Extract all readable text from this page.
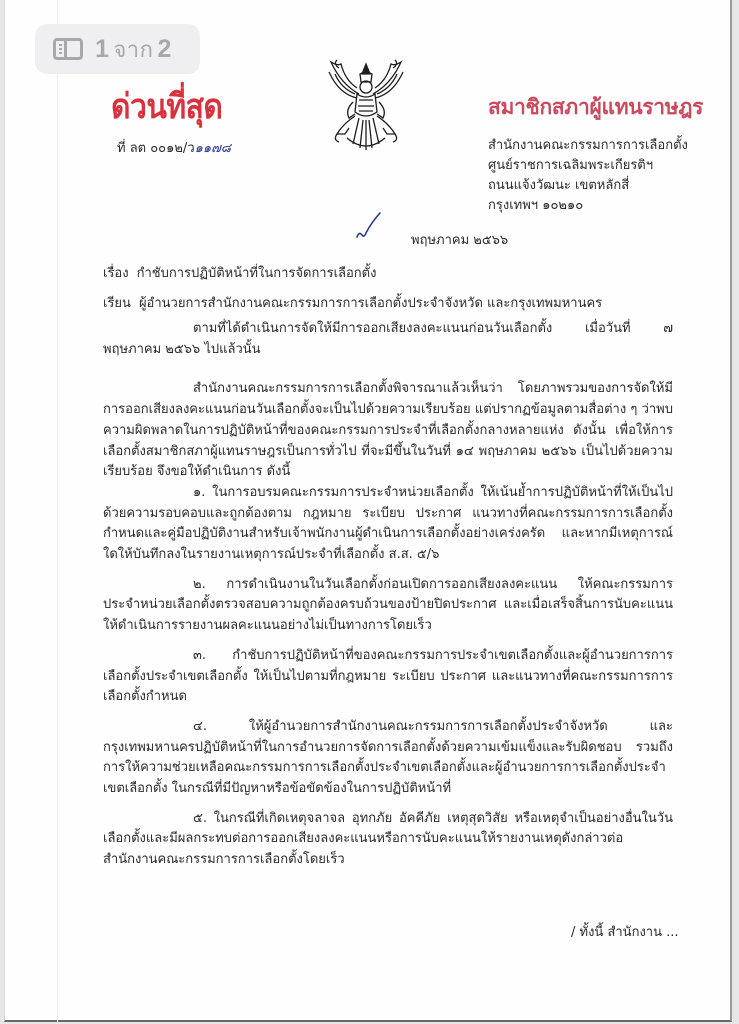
ด่วนที่สุด
ที่ ลต ๐๐๑๒/ว๑๑๗๘
สมาชิกสภาผู้แทนราษฎร
สำนักงานคณะกรรมการการเลือกตั้ง
ศูนย์ราชการเฉลิมพระเกียรติฯ
ถนนแจ้งวัฒนะ เขตหลักสี่
กรุงเทพฯ ๑๐๒๑๐
พฤษภาคม ๒๕๖๖
เรื่อง กำชับการปฏิบัติหน้าที่ในการจัดการเลือกตั้ง
เรียน ผู้อำนวยการสำนักงานคณะกรรมการการเลือกตั้งประจำจังหวัด และกรุงเทพมหานคร

ตามที่ได้ดำเนินการจัดให้มีการออกเสียงลงคะแนนก่อนวันเลือกตั้ง เมื่อวันที่ ๗ พฤษภาคม ๒๕๖๖ ไปแล้วนั้น

สำนักงานคณะกรรมการการเลือกตั้งพิจารณาแล้วเห็นว่า โดยภาพรวมของการจัดให้มีการออกเสียงลงคะแนนก่อนวันเลือกตั้งจะเป็นไปด้วยความเรียบร้อย แต่ปรากฏข้อมูลตามสื่อต่าง ๆ ว่าพบความผิดพลาดในการปฏิบัติหน้าที่ของคณะกรรมการประจำที่เลือกตั้งกลางหลายแห่ง ดังนั้น เพื่อให้การเลือกตั้งสมาชิกสภาผู้แทนราษฎรเป็นการทั่วไป ที่จะมีขึ้นในวันที่ ๑๔ พฤษภาคม ๒๕๖๖ เป็นไปด้วยความเรียบร้อย จึงขอให้ดำเนินการ ดังนี้

๑. ในการอบรมคณะกรรมการประจำหน่วยเลือกตั้ง ให้เน้นย้ำการปฏิบัติหน้าที่ให้เป็นไปด้วยความรอบคอบและถูกต้องตาม กฎหมาย ระเบียบ ประกาศ แนวทางที่คณะกรรมการการเลือกตั้งกำหนดและคู่มือปฏิบัติงานสำหรับเจ้าพนักงานผู้ดำเนินการเลือกตั้งอย่างเคร่งครัด และหากมีเหตุการณ์ใดให้บันทึกลงในรายงานเหตุการณ์ประจำที่เลือกตั้ง ส.ส. ๕/๖

๒. การดำเนินงานในวันเลือกตั้งก่อนเปิดการออกเสียงลงคะแนน ให้คณะกรรมการประจำหน่วยเลือกตั้งตรวจสอบความถูกต้องครบถ้วนของป้ายปิดประกาศ และเมื่อเสร็จสิ้นการนับคะแนนให้ดำเนินการรายงานผลคะแนนอย่างไม่เป็นทางการโดยเร็ว

๓. กำชับการปฏิบัติหน้าที่ของคณะกรรมการประจำเขตเลือกตั้งและผู้อำนวยการการเลือกตั้งประจำเขตเลือกตั้ง ให้เป็นไปตามที่กฎหมาย ระเบียบ ประกาศ และแนวทางที่คณะกรรมการการเลือกตั้งกำหนด

๔. ให้ผู้อำนวยการสำนักงานคณะกรรมการการเลือกตั้งประจำจังหวัด และกรุงเทพมหานครปฏิบัติหน้าที่ในการอำนวยการจัดการเลือกตั้งด้วยความเข้มแข็งและรับผิดชอบ รวมถึงการให้ความช่วยเหลือคณะกรรมการการเลือกตั้งประจำเขตเลือกตั้งและผู้อำนวยการการเลือกตั้งประจำเขตเลือกตั้ง ในกรณีที่มีปัญหาหรือข้อขัดข้องในการปฏิบัติหน้าที่

๕. ในกรณีที่เกิดเหตุจลาจล อุทกภัย อัคคีภัย เหตุสุดวิสัย หรือเหตุจำเป็นอย่างอื่นในวันเลือกตั้งและมีผลกระทบต่อการออกเสียงลงคะแนนหรือการนับคะแนนให้รายงานเหตุดังกล่าวต่อสำนักงานคณะกรรมการการเลือกตั้งโดยเร็ว

/ ทั้งนี้ สำนักงาน ...
1 จาก 2
